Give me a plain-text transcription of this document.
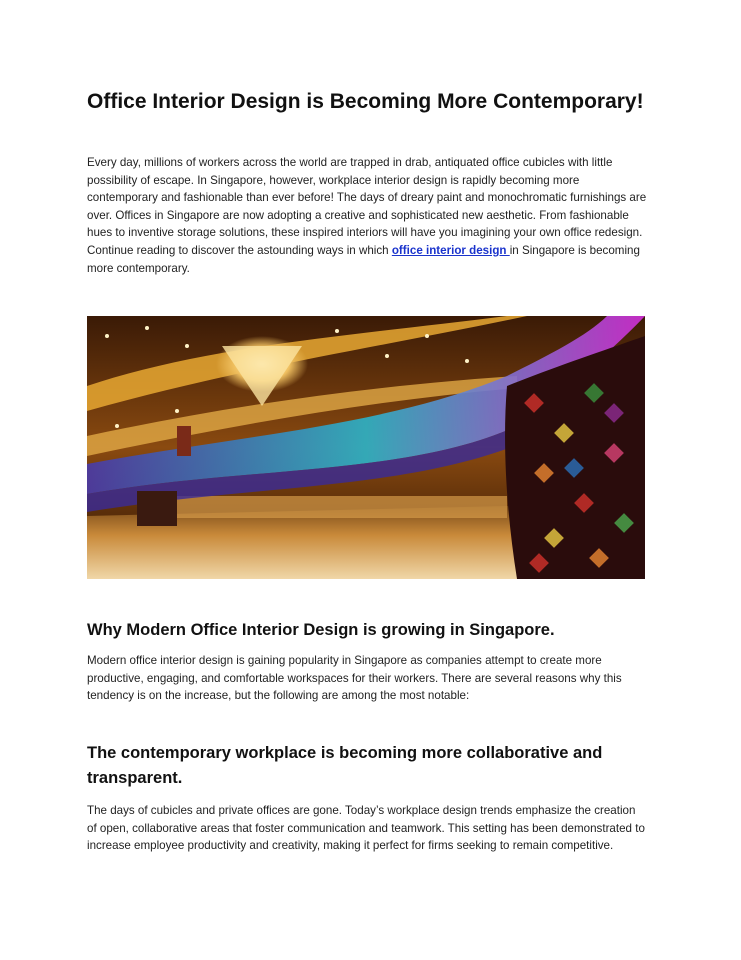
Office Interior Design is Becoming More Contemporary!

Every day, millions of workers across the world are trapped in drab, antiquated office cubicles with little possibility of escape. In Singapore, however, workplace interior design is rapidly becoming more contemporary and fashionable than ever before! The days of dreary paint and monochromatic furnishings are over. Offices in Singapore are now adopting a creative and sophisticated new aesthetic. From fashionable hues to inventive storage solutions, these inspired interiors will have you imagining your own office redesign. Continue reading to discover the astounding ways in which office interior design in Singapore is becoming more contemporary.

Why Modern Office Interior Design is growing in Singapore.

Modern office interior design is gaining popularity in Singapore as companies attempt to create more productive, engaging, and comfortable workspaces for their workers. There are several reasons why this tendency is on the increase, but the following are among the most notable:

The contemporary workplace is becoming more collaborative and transparent.

The days of cubicles and private offices are gone. Today’s workplace design trends emphasize the creation of open, collaborative areas that foster communication and teamwork. This setting has been demonstrated to increase employee productivity and creativity, making it perfect for firms seeking to remain competitive.
